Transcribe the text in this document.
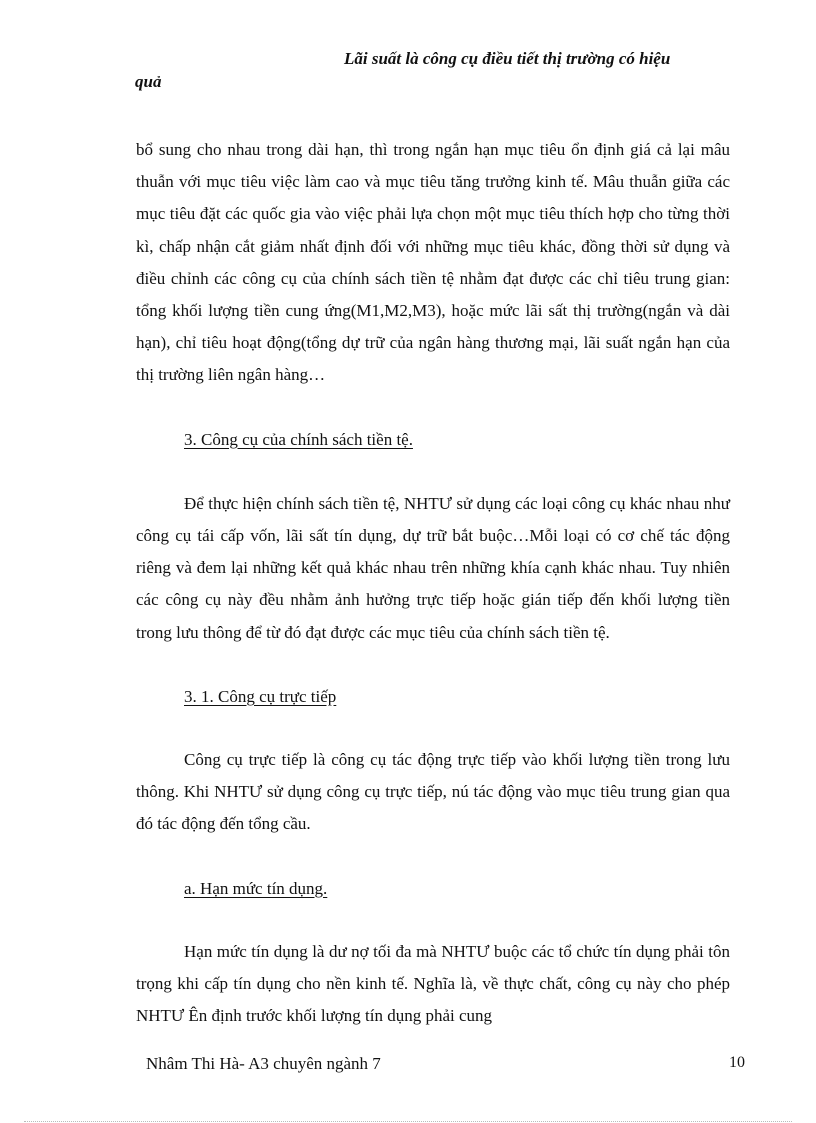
Lãi suất là công cụ điều tiết thị trường có hiệu
quả

bổ sung cho nhau trong dài hạn, thì trong ngắn hạn mục tiêu ổn định giá cả lại mâu thuẫn với mục tiêu việc làm cao và mục tiêu tăng trưởng kinh tế. Mâu thuẫn giữa các mục tiêu đặt các quốc gia vào việc phải lựa chọn một mục tiêu thích hợp cho từng thời kì, chấp nhận cắt giảm nhất định đối với những mục tiêu khác, đồng thời sử dụng và điều chỉnh các công cụ của chính sách tiền tệ nhằm đạt được các chỉ tiêu trung gian: tổng khối lượng tiền cung ứng(M1,M2,M3), hoặc mức lãi sất thị trường(ngắn và dài hạn), chỉ tiêu hoạt động(tổng dự trữ của ngân hàng thương mại, lãi suất ngắn hạn của thị trường liên ngân hàng…

3. Công cụ của chính sách tiền tệ.

Để thực hiện chính sách tiền tệ, NHTƯ sử dụng các loại công cụ khác nhau như công cụ tái cấp vốn, lãi sất tín dụng, dự trữ bắt buộc…Mỗi loại có cơ chế tác động riêng và đem lại những kết quả khác nhau trên những khía cạnh khác nhau. Tuy nhiên các công cụ này đều nhằm ảnh hưởng trực tiếp hoặc gián tiếp đến khối lượng tiền trong lưu thông để từ đó đạt được các mục tiêu của chính sách tiền tệ.

3. 1. Công cụ trực tiếp

Công cụ trực tiếp là công cụ tác động trực tiếp vào khối lượng tiền trong lưu thông. Khi NHTƯ sử dụng công cụ trực tiếp, nú tác động vào mục tiêu trung gian qua đó tác động đến tổng cầu.

a. Hạn mức tín dụng.

Hạn mức tín dụng là dư nợ tối đa mà NHTƯ buộc các tổ chức tín dụng phải tôn trọng khi cấp tín dụng cho nền kinh tế. Nghĩa là, về thực chất, công cụ này cho phép NHTƯ Ên định trước khối lượng tín dụng phải cung

Nhâm Thi Hà- A3 chuyên ngành 7	10
